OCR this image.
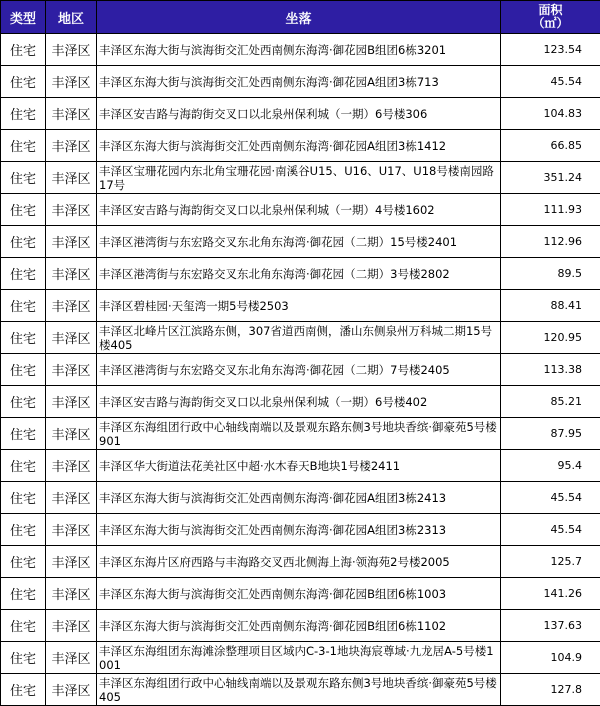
类型	地区	坐落	面积
（㎡）

住宅	丰泽区	丰泽区东海大街与滨海街交汇处西南侧东海湾·御花园B组团6栋3201	123.54
住宅	丰泽区	丰泽区东海大街与滨海街交汇处西南侧东海湾·御花园A组团3栋713	45.54
住宅	丰泽区	丰泽区安吉路与海韵街交叉口以北泉州保利城（一期）6号楼306	104.83
住宅	丰泽区	丰泽区东海大街与滨海街交汇处西南侧东海湾·御花园A组团3栋1412	66.85
住宅	丰泽区	丰泽区宝珊花园内东北角宝珊花园·南溪谷U15、U16、U17、U18号楼南园路17号	351.24
住宅	丰泽区	丰泽区安吉路与海韵街交叉口以北泉州保利城（一期）4号楼1602	111.93
住宅	丰泽区	丰泽区港湾街与东宏路交叉东北角东海湾·御花园（二期）15号楼2401	112.96
住宅	丰泽区	丰泽区港湾街与东宏路交叉东北角东海湾·御花园（二期）3号楼2802	89.5
住宅	丰泽区	丰泽区碧桂园·天玺湾一期5号楼2503	88.41
住宅	丰泽区	丰泽区北峰片区江滨路东侧，307省道西南侧，潘山东侧泉州万科城二期15号楼405	120.95
住宅	丰泽区	丰泽区港湾街与东宏路交叉东北角东海湾·御花园（二期）7号楼2405	113.38
住宅	丰泽区	丰泽区安吉路与海韵街交叉口以北泉州保利城（一期）6号楼402	85.21
住宅	丰泽区	丰泽区东海组团行政中心轴线南端以及景观东路东侧3号地块香缤·御豪苑5号楼901	87.95
住宅	丰泽区	丰泽区华大街道法花美社区中超·水木春天B地块1号楼2411	95.4
住宅	丰泽区	丰泽区东海大街与滨海街交汇处西南侧东海湾·御花园A组团3栋2413	45.54
住宅	丰泽区	丰泽区东海大街与滨海街交汇处西南侧东海湾·御花园A组团3栋2313	45.54
住宅	丰泽区	丰泽区东海片区府西路与丰海路交叉西北侧海上海·领海苑2号楼2005	125.7
住宅	丰泽区	丰泽区东海大街与滨海街交汇处西南侧东海湾·御花园B组团6栋1003	141.26
住宅	丰泽区	丰泽区东海大街与滨海街交汇处西南侧东海湾·御花园B组团6栋1102	137.63
住宅	丰泽区	丰泽区东海组团东海滩涂整理项目区域内C-3-1地块海宸尊域·九龙居A-5号楼1001	104.9
住宅	丰泽区	丰泽区东海组团行政中心轴线南端以及景观东路东侧3号地块香缤·御豪苑5号楼405	127.8
